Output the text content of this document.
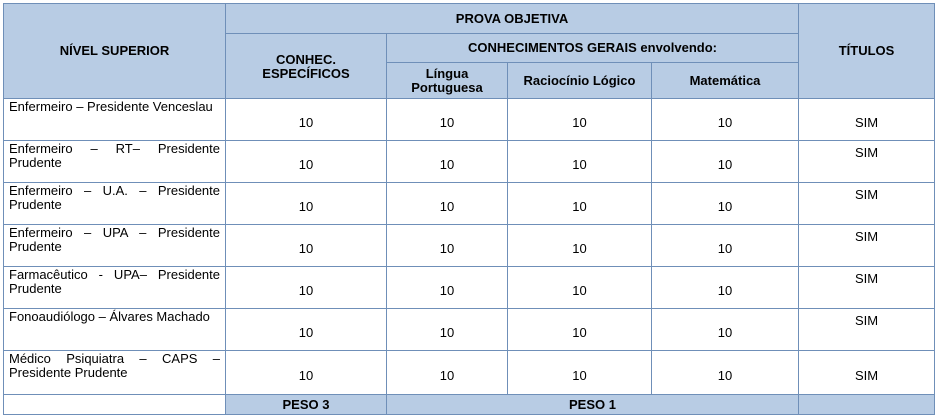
NÍVEL SUPERIOR	PROVA OBJETIVA				TÍTULOS
	CONHEC. ESPECÍFICOS	CONHECIMENTOS GERAIS envolvendo:			
		Língua Portuguesa	Raciocínio Lógico	Matemática	
Enfermeiro – Presidente Venceslau	10	10	10	10	SIM
Enfermeiro – RT– Presidente Prudente	10	10	10	10	SIM
Enfermeiro – U.A. – Presidente Prudente	10	10	10	10	SIM
Enfermeiro – UPA – Presidente Prudente	10	10	10	10	SIM
Farmacêutico - UPA– Presidente Prudente	10	10	10	10	SIM
Fonoaudiólogo – Álvares Machado	10	10	10	10	SIM
Médico Psiquiatra – CAPS – Presidente Prudente	10	10	10	10	SIM
	PESO 3	PESO 1			
